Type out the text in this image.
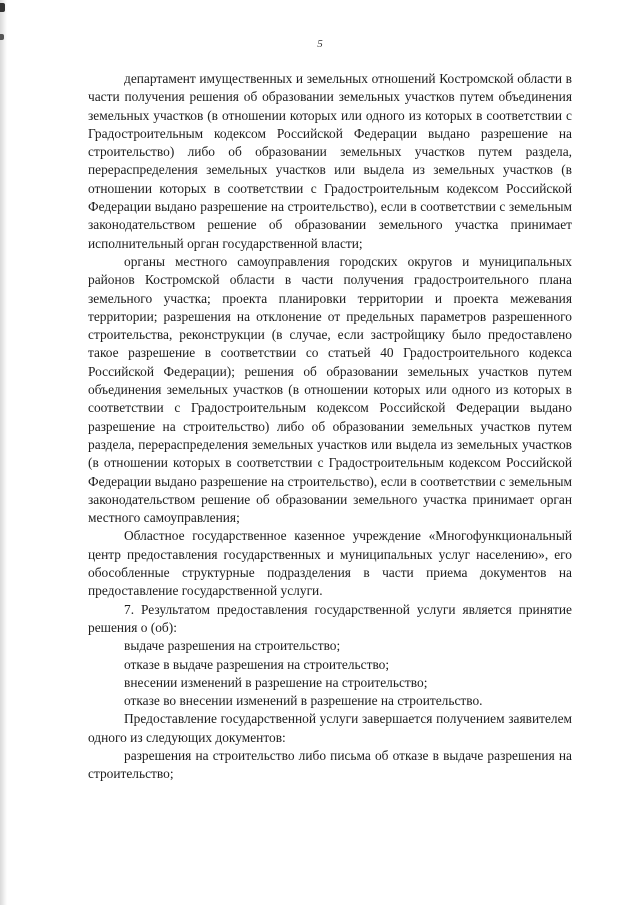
5

департамент имущественных и земельных отношений Костромской области в части получения решения об образовании земельных участков путем объединения земельных участков (в отношении которых или одного из которых в соответствии с Градостроительным кодексом Российской Федерации выдано разрешение на строительство) либо об образовании земельных участков путем раздела, перераспределения земельных участков или выдела из земельных участков (в отношении которых в соответствии с Градостроительным кодексом Российской Федерации выдано разрешение на строительство), если в соответствии с земельным законодательством решение об образовании земельного участка принимает исполнительный орган государственной власти;

органы местного самоуправления городских округов и муниципальных районов Костромской области в части получения градостроительного плана земельного участка; проекта планировки территории и проекта межевания территории; разрешения на отклонение от предельных параметров разрешенного строительства, реконструкции (в случае, если застройщику было предоставлено такое разрешение в соответствии со статьей 40 Градостроительного кодекса Российской Федерации); решения об образовании земельных участков путем объединения земельных участков (в отношении которых или одного из которых в соответствии с Градостроительным кодексом Российской Федерации выдано разрешение на строительство) либо об образовании земельных участков путем раздела, перераспределения земельных участков или выдела из земельных участков (в отношении которых в соответствии с Градостроительным кодексом Российской Федерации выдано разрешение на строительство), если в соответствии с земельным законодательством решение об образовании земельного участка принимает орган местного самоуправления;

Областное государственное казенное учреждение «Многофункциональный центр предоставления государственных и муниципальных услуг населению», его обособленные структурные подразделения в части приема документов на предоставление государственной услуги.

7. Результатом предоставления государственной услуги является принятие решения о (об):

выдаче разрешения на строительство;

отказе в выдаче разрешения на строительство;

внесении изменений в разрешение на строительство;

отказе во внесении изменений в разрешение на строительство.

Предоставление государственной услуги завершается получением заявителем одного из следующих документов:

разрешения на строительство либо письма об отказе в выдаче разрешения на строительство;
